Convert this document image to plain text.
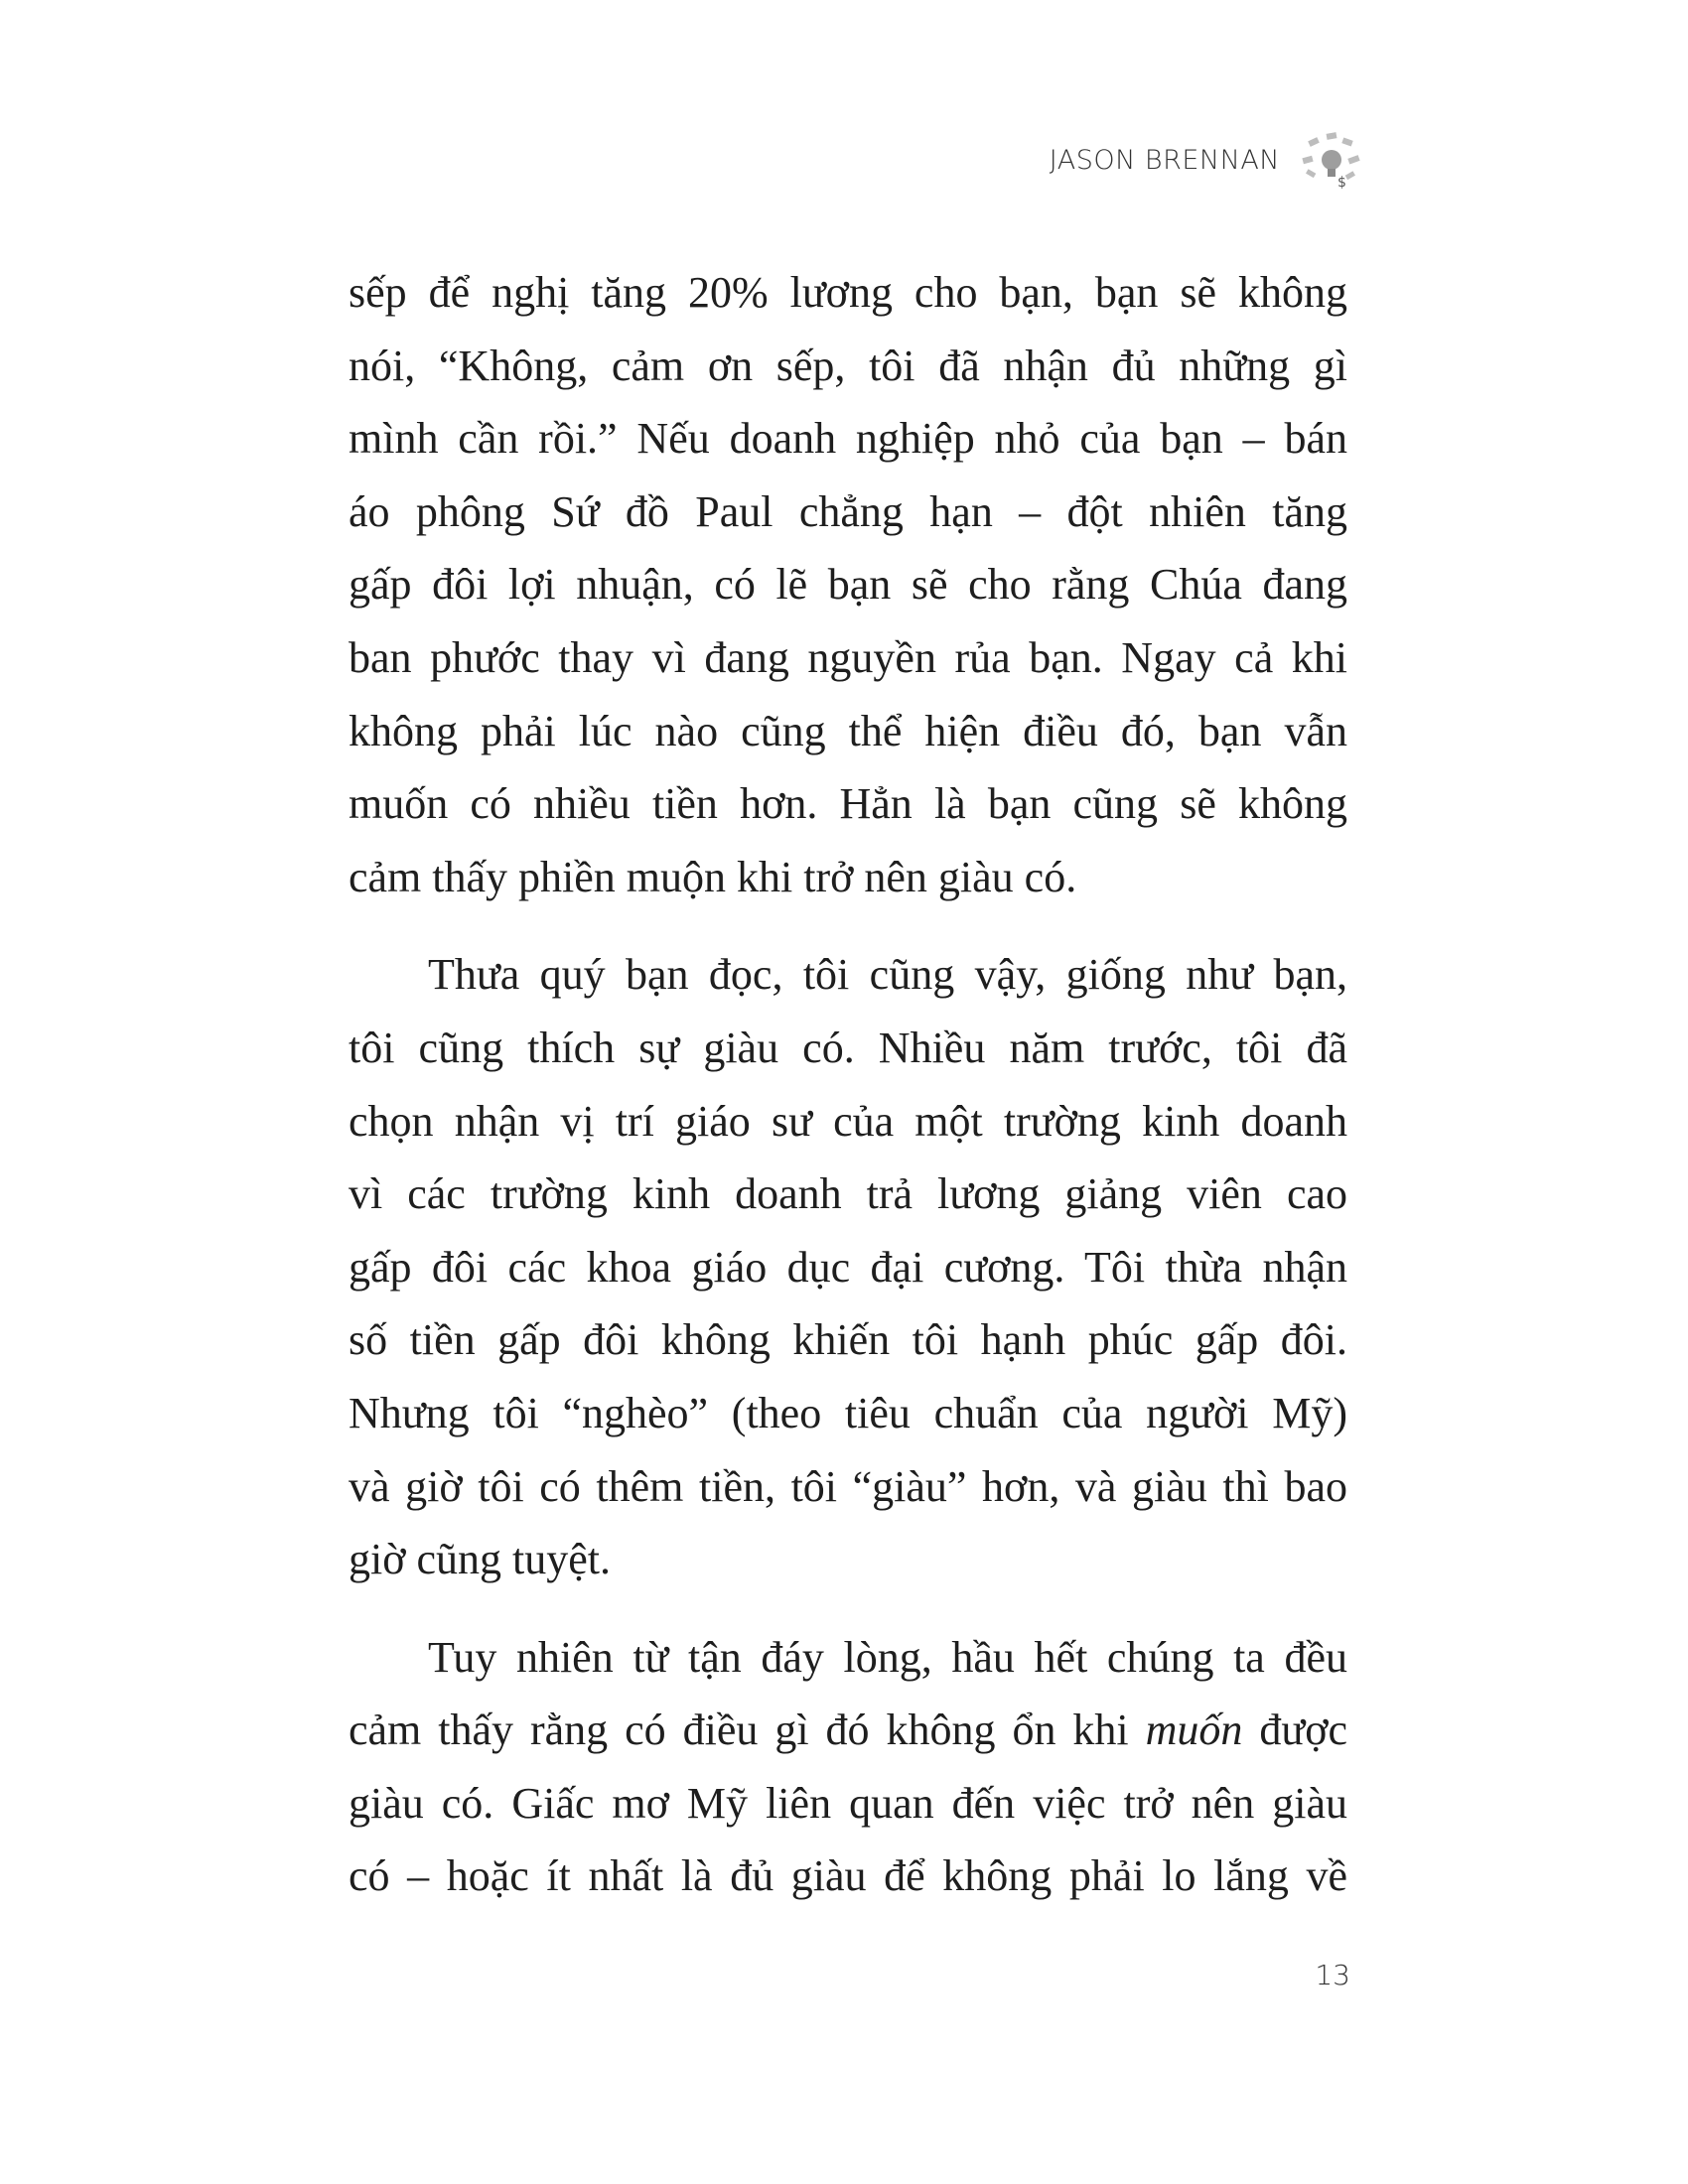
JASON BRENNAN
$
sếp để nghị tăng 20% lương cho bạn, bạn sẽ không
nói, “Không, cảm ơn sếp, tôi đã nhận đủ những gì
mình cần rồi.” Nếu doanh nghiệp nhỏ của bạn – bán
áo phông Sứ đồ Paul chẳng hạn – đột nhiên tăng
gấp đôi lợi nhuận, có lẽ bạn sẽ cho rằng Chúa đang
ban phước thay vì đang nguyền rủa bạn. Ngay cả khi
không phải lúc nào cũng thể hiện điều đó, bạn vẫn
muốn có nhiều tiền hơn. Hẳn là bạn cũng sẽ không
cảm thấy phiền muộn khi trở nên giàu có.
Thưa quý bạn đọc, tôi cũng vậy, giống như bạn,
tôi cũng thích sự giàu có. Nhiều năm trước, tôi đã
chọn nhận vị trí giáo sư của một trường kinh doanh
vì các trường kinh doanh trả lương giảng viên cao
gấp đôi các khoa giáo dục đại cương. Tôi thừa nhận
số tiền gấp đôi không khiến tôi hạnh phúc gấp đôi.
Nhưng tôi “nghèo” (theo tiêu chuẩn của người Mỹ)
và giờ tôi có thêm tiền, tôi “giàu” hơn, và giàu thì bao
giờ cũng tuyệt.
Tuy nhiên từ tận đáy lòng, hầu hết chúng ta đều
cảm thấy rằng có điều gì đó không ổn khi muốn được
giàu có. Giấc mơ Mỹ liên quan đến việc trở nên giàu
có – hoặc ít nhất là đủ giàu để không phải lo lắng về
13
